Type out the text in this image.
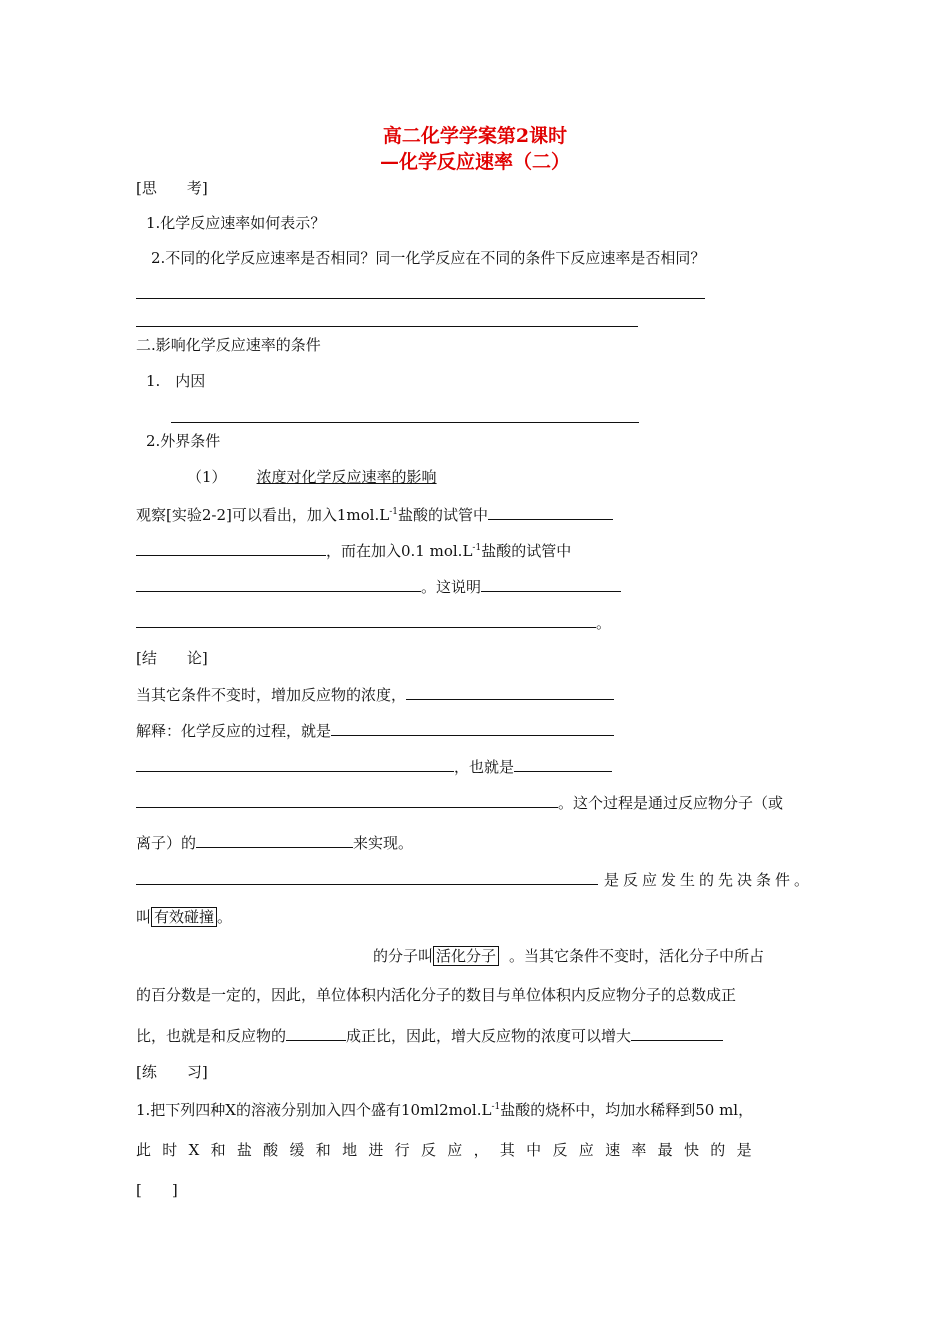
高二化学学案第2课时
—化学反应速率（二）
[思　　考]
1.化学反应速率如何表示？
2.不同的化学反应速率是否相同？同一化学反应在不同的条件下反应速率是否相同？
二.影响化学反应速率的条件
1.　内因
2.外界条件
（1） 浓度对化学反应速率的影响
观察[实验2-2]可以看出，加入$1mol.L^{-1}$盐酸的试管中
，而在加入0.1 $mol.L^{-1}$盐酸的试管中
。这说明
。
[结　　论]
当其它条件不变时，增加反应物的浓度，
解释：化学反应的过程，就是
，也就是
。这个过程是通过反应物分子（或
离子）的	来实现。
是反应发生的先决条件。
叫 有效碰撞 。
的分子叫 活化分子 。当其它条件不变时，活化分子中所占
的百分数是一定的，因此，单位体积内活化分子的数目与单位体积内反应物分子的总数成正
比，也就是和反应物的	成正比，因此，增大反应物的浓度可以增大
[练　　习]
1.把下列四种X的溶液分别加入四个盛有$10ml2mol.L^{-1}$盐酸的烧杯中，均加水稀释到50 ml，
此时X和盐酸缓和地进行反应，其中反应速率最快的是
[　　]
